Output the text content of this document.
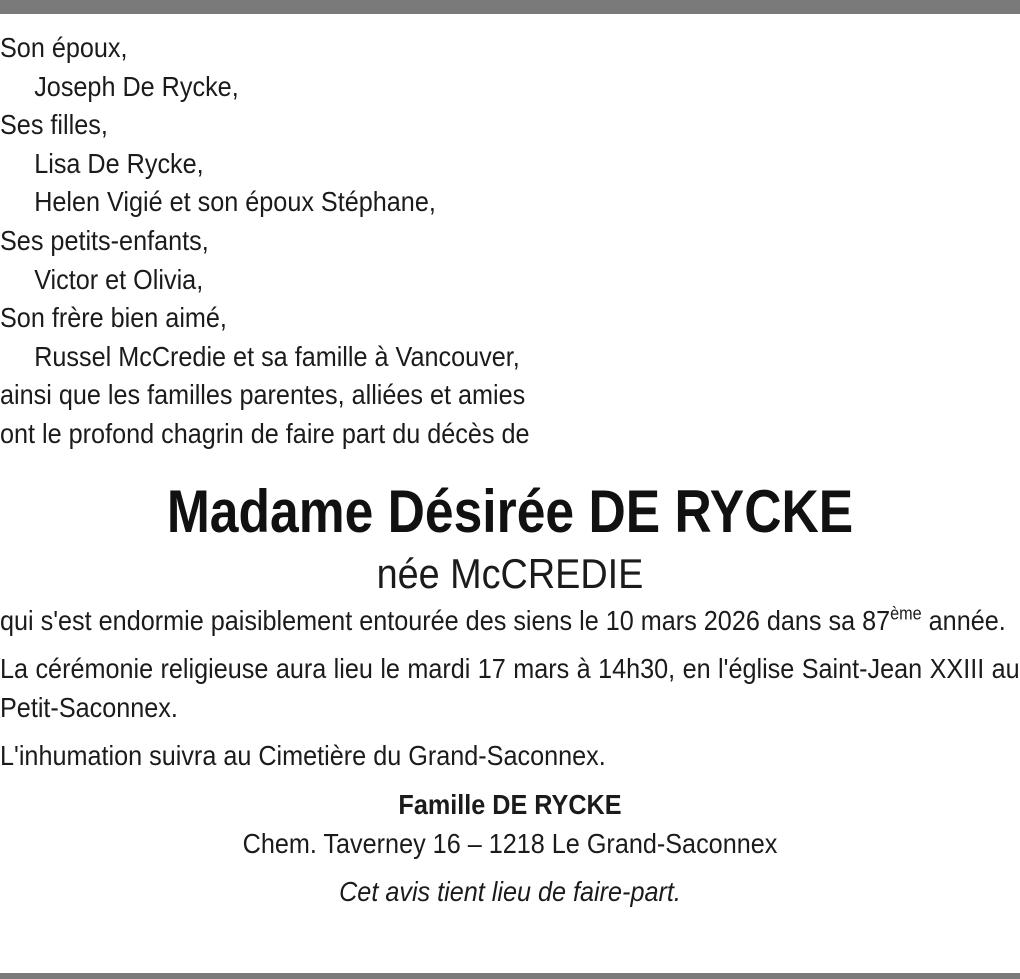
Son époux,
Joseph De Rycke,
Ses filles,
Lisa De Rycke,
Helen Vigié et son époux Stéphane,
Ses petits-enfants,
Victor et Olivia,
Son frère bien aimé,
Russel McCredie et sa famille à Vancouver,
ainsi que les familles parentes, alliées et amies
ont le profond chagrin de faire part du décès de
Madame Désirée DE RYCKE
née McCREDIE
qui s'est endormie paisiblement entourée des siens le 10 mars 2026 dans sa 87ème année.
La cérémonie religieuse aura lieu le mardi 17 mars à 14h30, en l'église Saint-Jean XXIII au Petit-Saconnex.
L'inhumation suivra au Cimetière du Grand-Saconnex.
Famille DE RYCKE
Chem. Taverney 16 – 1218 Le Grand-Saconnex
Cet avis tient lieu de faire-part.
